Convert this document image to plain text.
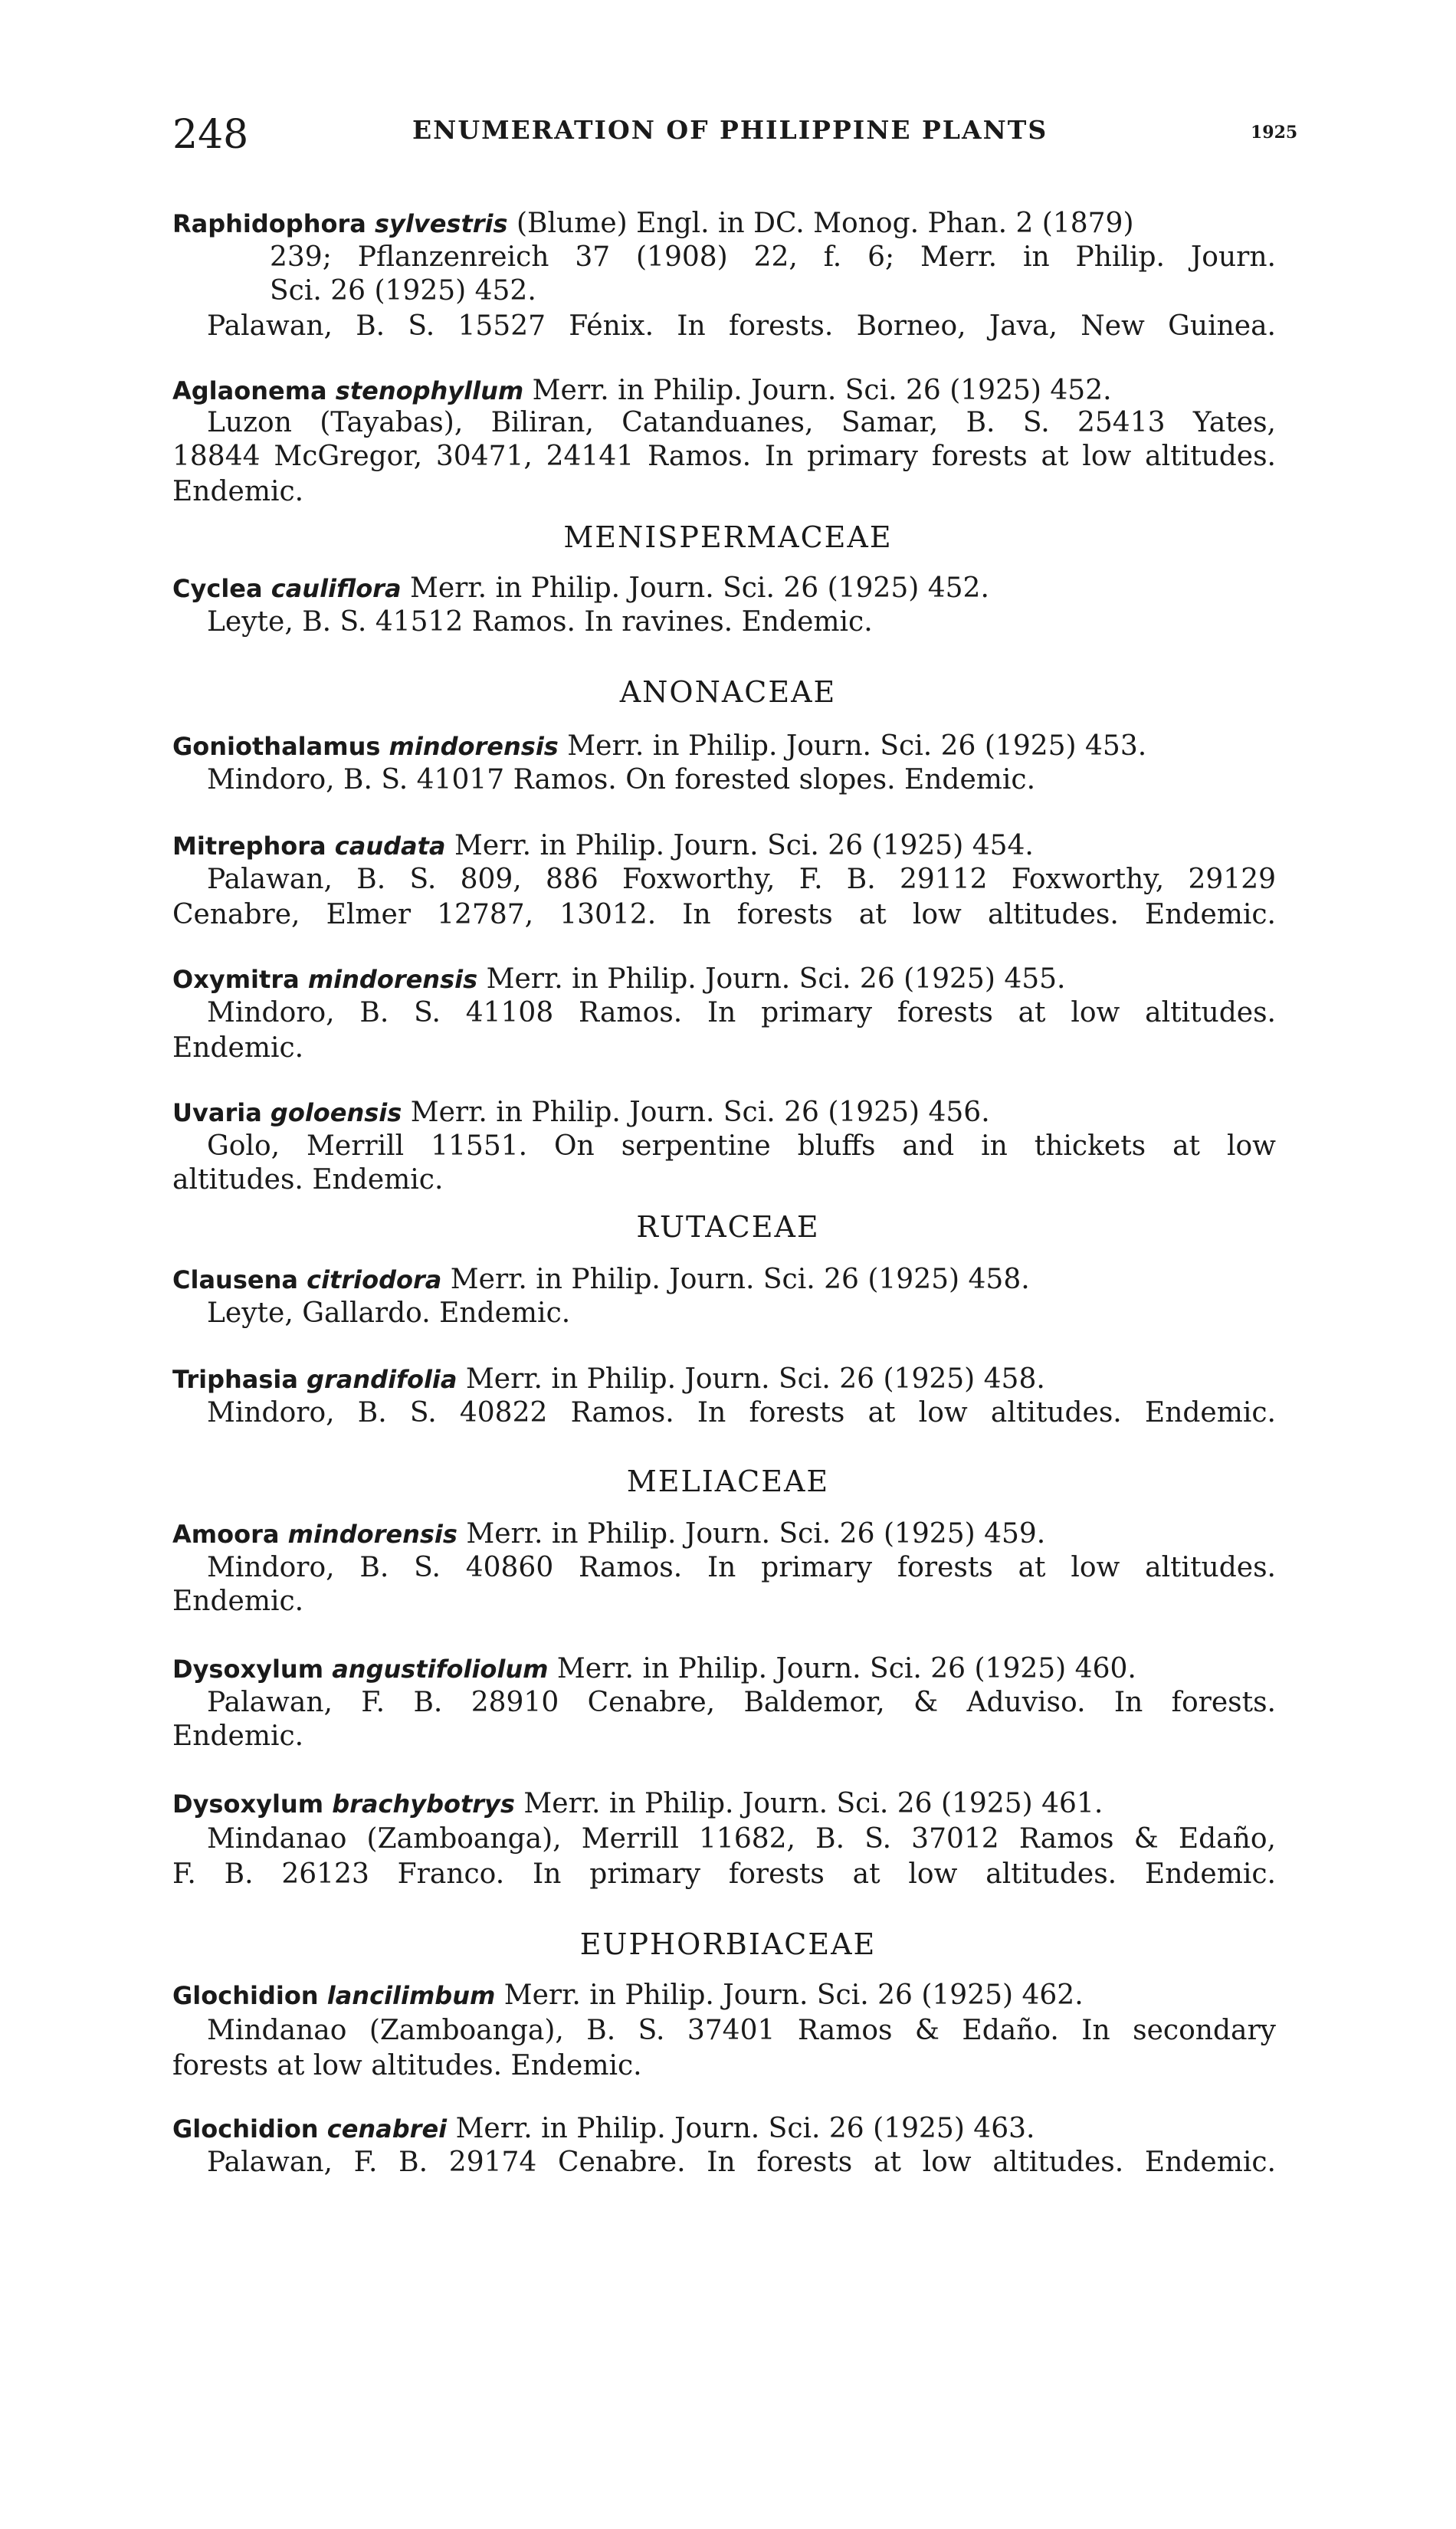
248	ENUMERATION OF PHILIPPINE PLANTS	1925
Raphidophora sylvestris (Blume) Engl. in DC. Monog. Phan. 2 (1879)
239; Pflanzenreich 37 (1908) 22, f. 6; Merr. in Philip. Journ.
Sci. 26 (1925) 452.
Palawan, B. S. 15527 Fénix. In forests. Borneo, Java, New Guinea.
Aglaonema stenophyllum Merr. in Philip. Journ. Sci. 26 (1925) 452.
Luzon (Tayabas), Biliran, Catanduanes, Samar, B. S. 25413 Yates,
18844 McGregor, 30471, 24141 Ramos. In primary forests at low altitudes.
Endemic.
MENISPERMACEAE
Cyclea cauliflora Merr. in Philip. Journ. Sci. 26 (1925) 452.
Leyte, B. S. 41512 Ramos. In ravines. Endemic.
ANONACEAE
Goniothalamus mindorensis Merr. in Philip. Journ. Sci. 26 (1925) 453.
Mindoro, B. S. 41017 Ramos. On forested slopes. Endemic.
Mitrephora caudata Merr. in Philip. Journ. Sci. 26 (1925) 454.
Palawan, B. S. 809, 886 Foxworthy, F. B. 29112 Foxworthy, 29129
Cenabre, Elmer 12787, 13012. In forests at low altitudes. Endemic.
Oxymitra mindorensis Merr. in Philip. Journ. Sci. 26 (1925) 455.
Mindoro, B. S. 41108 Ramos. In primary forests at low altitudes.
Endemic.
Uvaria goloensis Merr. in Philip. Journ. Sci. 26 (1925) 456.
Golo, Merrill 11551. On serpentine bluffs and in thickets at low
altitudes. Endemic.
RUTACEAE
Clausena citriodora Merr. in Philip. Journ. Sci. 26 (1925) 458.
Leyte, Gallardo. Endemic.
Triphasia grandifolia Merr. in Philip. Journ. Sci. 26 (1925) 458.
Mindoro, B. S. 40822 Ramos. In forests at low altitudes. Endemic.
MELIACEAE
Amoora mindorensis Merr. in Philip. Journ. Sci. 26 (1925) 459.
Mindoro, B. S. 40860 Ramos. In primary forests at low altitudes.
Endemic.
Dysoxylum angustifoliolum Merr. in Philip. Journ. Sci. 26 (1925) 460.
Palawan, F. B. 28910 Cenabre, Baldemor, & Aduviso. In forests.
Endemic.
Dysoxylum brachybotrys Merr. in Philip. Journ. Sci. 26 (1925) 461.
Mindanao (Zamboanga), Merrill 11682, B. S. 37012 Ramos & Edaño,
F. B. 26123 Franco. In primary forests at low altitudes. Endemic.
EUPHORBIACEAE
Glochidion lancilimbum Merr. in Philip. Journ. Sci. 26 (1925) 462.
Mindanao (Zamboanga), B. S. 37401 Ramos & Edaño. In secondary
forests at low altitudes. Endemic.
Glochidion cenabrei Merr. in Philip. Journ. Sci. 26 (1925) 463.
Palawan, F. B. 29174 Cenabre. In forests at low altitudes. Endemic.
